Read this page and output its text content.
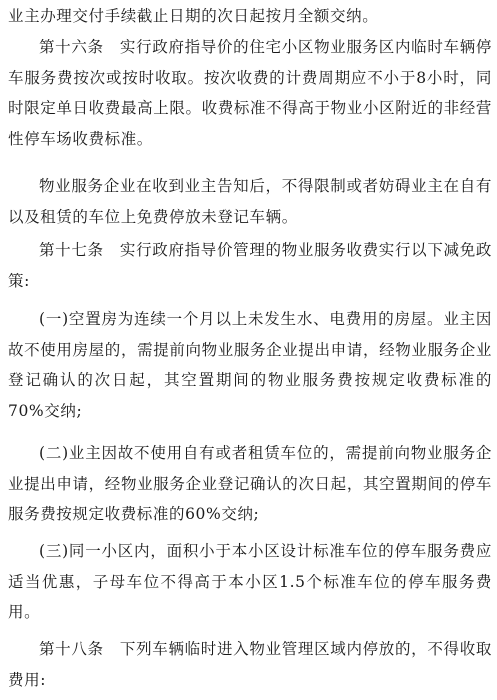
业主办理交付手续截止日期的次日起按月全额交纳。

第十六条　实行政府指导价的住宅小区物业服务区内临时车辆停车服务费按次或按时收取。按次收费的计费周期应不小于8小时，同时限定单日收费最高上限。收费标准不得高于物业小区附近的非经营性停车场收费标准。

物业服务企业在收到业主告知后，不得限制或者妨碍业主在自有以及租赁的车位上免费停放未登记车辆。

第十七条　实行政府指导价管理的物业服务收费实行以下减免政策:

(一)空置房为连续一个月以上未发生水、电费用的房屋。业主因故不使用房屋的，需提前向物业服务企业提出申请，经物业服务企业登记确认的次日起，其空置期间的物业服务费按规定收费标准的70%交纳;

(二)业主因故不使用自有或者租赁车位的，需提前向物业服务企业提出申请，经物业服务企业登记确认的次日起，其空置期间的停车服务费按规定收费标准的60%交纳;

(三)同一小区内，面积小于本小区设计标准车位的停车服务费应适当优惠，子母车位不得高于本小区1.5个标准车位的停车服务费用。

第十八条　下列车辆临时进入物业管理区域内停放的，不得收取费用:
